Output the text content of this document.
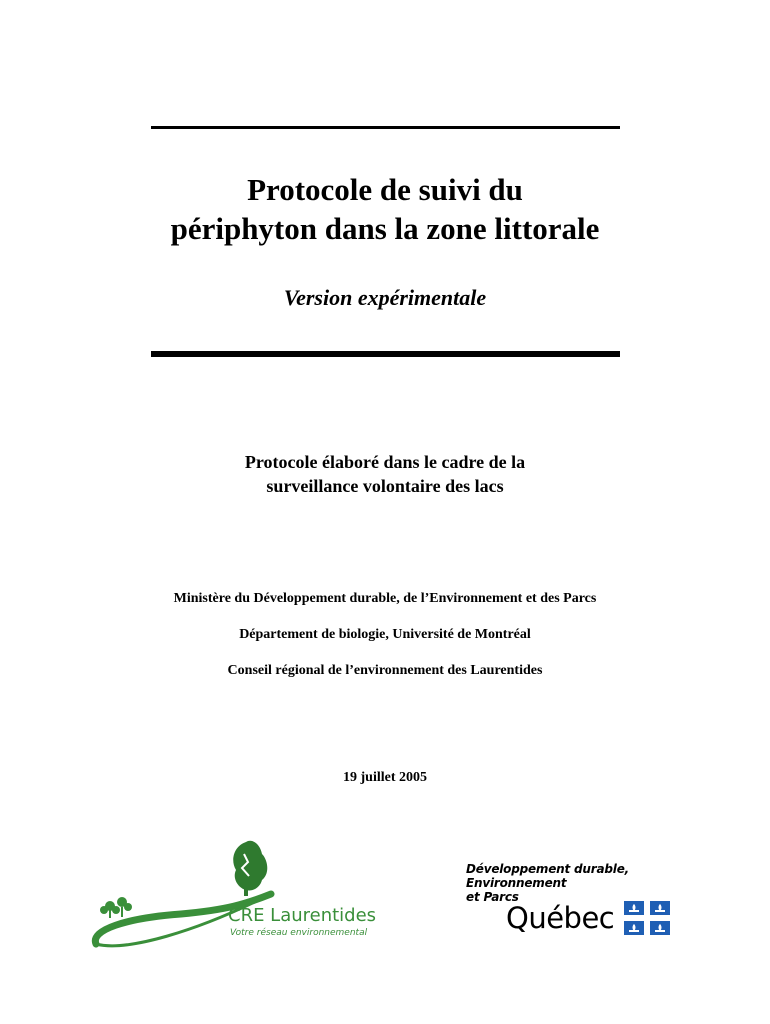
Protocole de suivi du
périphyton dans la zone littorale

Version expérimentale

Protocole élaboré dans le cadre de la
surveillance volontaire des lacs

Ministère du Développement durable, de l’Environnement et des Parcs

Département de biologie, Université de Montréal

Conseil régional de l’environnement des Laurentides

19 juillet 2005

CRE Laurentides
Votre réseau environnemental
Développement durable,
Environnement
et Parcs
Québec
